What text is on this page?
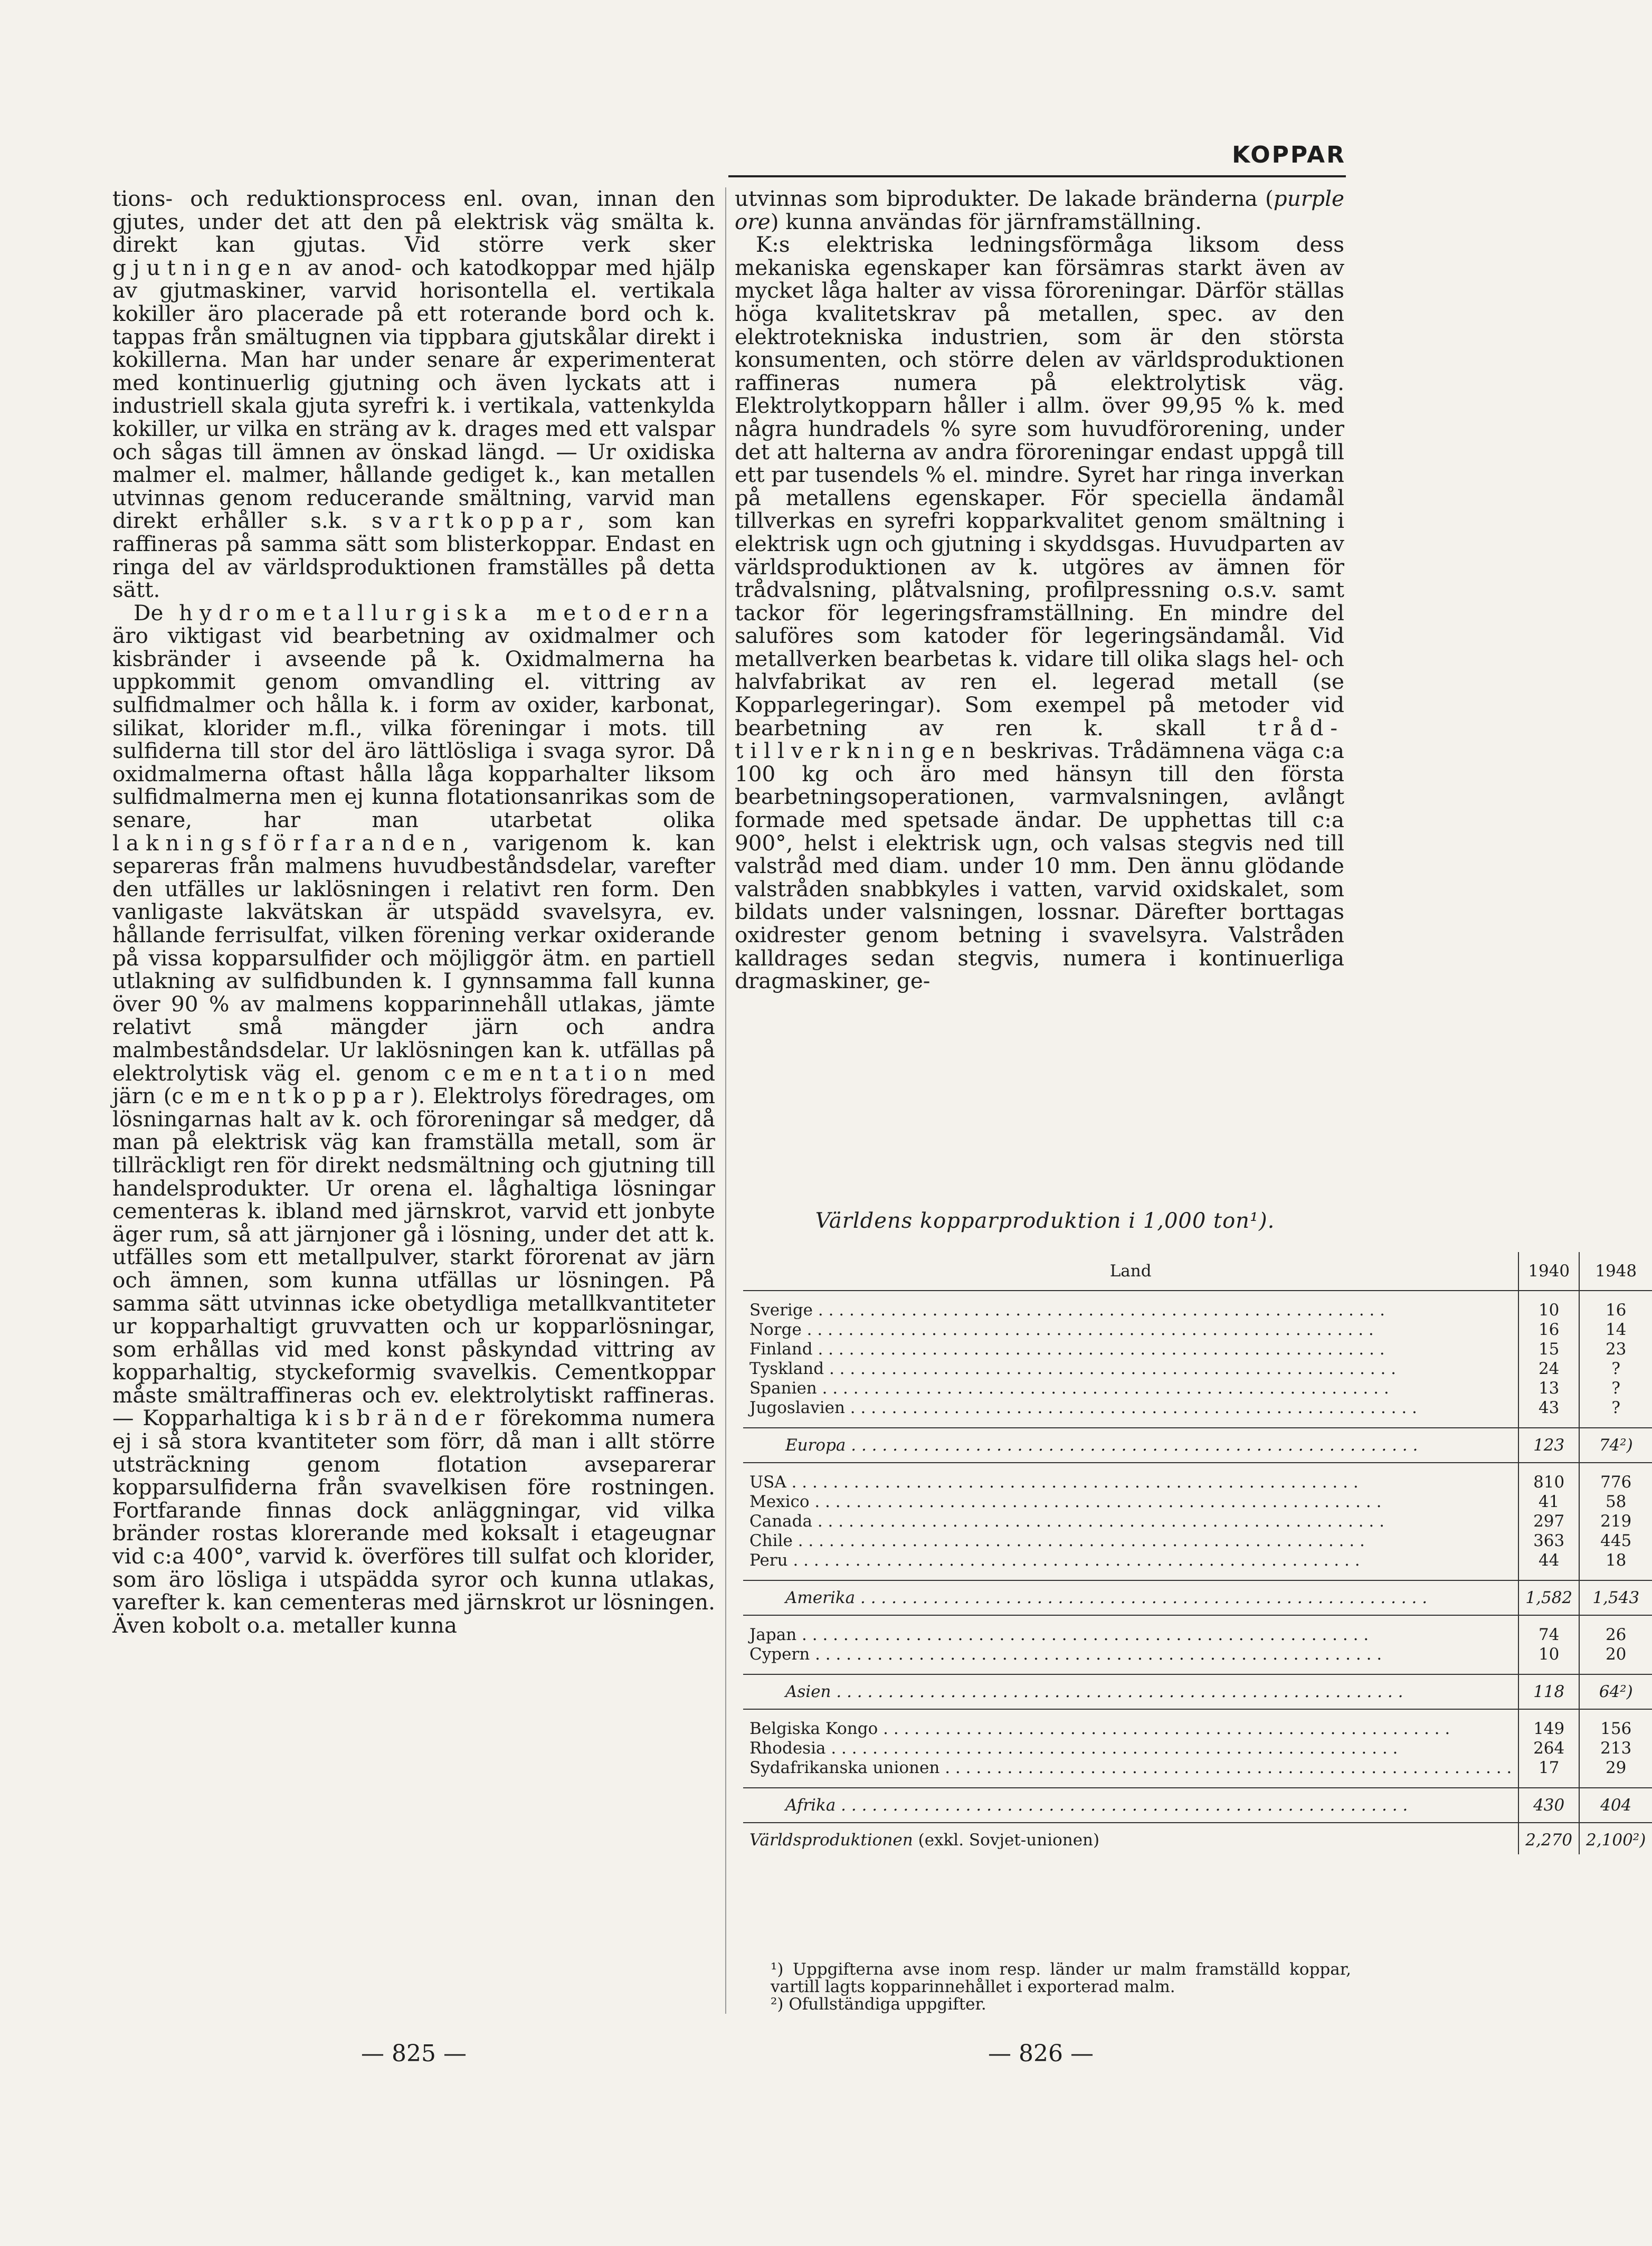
KOPPAR

tions- och reduktionsprocess enl. ovan, innan den gjutes, under det att den på elektrisk väg smälta k. direkt kan gjutas. Vid större verk sker gjutningen av anod- och katodkoppar med hjälp av gjutmaskiner, varvid horisontella el. vertikala kokiller äro placerade på ett roterande bord och k. tappas från smältugnen via tippbara gjutskålar direkt i kokillerna. Man har under senare år experimenterat med kontinuerlig gjutning och även lyckats att i industriell skala gjuta syrefri k. i vertikala, vattenkylda kokiller, ur vilka en sträng av k. drages med ett valspar och sågas till ämnen av önskad längd. — Ur oxidiska malmer el. malmer, hållande gediget k., kan metallen utvinnas genom reducerande smältning, varvid man direkt erhåller s.k. svartkoppar, som kan raffineras på samma sätt som blisterkoppar. Endast en ringa del av världsproduktionen framställes på detta sätt.

De hydrometallurgiska metoderna äro viktigast vid bearbetning av oxidmalmer och kisbränder i avseende på k. Oxidmalmerna ha uppkommit genom omvandling el. vittring av sulfidmalmer och hålla k. i form av oxider, karbonat, silikat, klorider m.fl., vilka föreningar i mots. till sulfiderna till stor del äro lättlösliga i svaga syror. Då oxidmalmerna oftast hålla låga kopparhalter liksom sulfidmalmerna men ej kunna flotationsanrikas som de senare, har man utarbetat olika lakningsförfaranden, varigenom k. kan separeras från malmens huvudbeståndsdelar, varefter den utfälles ur laklösningen i relativt ren form. Den vanligaste lakvätskan är utspädd svavelsyra, ev. hållande ferrisulfat, vilken förening verkar oxiderande på vissa kopparsulfider och möjliggör ätm. en partiell utlakning av sulfidbunden k. I gynnsamma fall kunna över 90 % av malmens kopparinnehåll utlakas, jämte relativt små mängder järn och andra malmbeståndsdelar. Ur laklösningen kan k. utfällas på elektrolytisk väg el. genom cementation med järn (cementkoppar). Elektrolys föredrages, om lösningarnas halt av k. och föroreningar så medger, då man på elektrisk väg kan framställa metall, som är tillräckligt ren för direkt nedsmältning och gjutning till handelsprodukter. Ur orena el. låghaltiga lösningar cementeras k. ibland med järnskrot, varvid ett jonbyte äger rum, så att järnjoner gå i lösning, under det att k. utfälles som ett metallpulver, starkt förorenat av järn och ämnen, som kunna utfällas ur lösningen. På samma sätt utvinnas icke obetydliga metallkvantiteter ur kopparhaltigt gruvvatten och ur kopparlösningar, som erhållas vid med konst påskyndad vittring av kopparhaltig, styckeformig svavelkis. Cementkoppar måste smältraffineras och ev. elektrolytiskt raffineras. — Kopparhaltiga kisbränder förekomma numera ej i så stora kvantiteter som förr, då man i allt större utsträckning genom flotation avseparerar kopparsulfiderna från svavelkisen före rostningen. Fortfarande finnas dock anläggningar, vid vilka bränder rostas klorerande med koksalt i etageugnar vid c:a 400°, varvid k. överföres till sulfat och klorider, som äro lösliga i utspädda syror och kunna utlakas, varefter k. kan cementeras med järnskrot ur lösningen. Även kobolt o.a. metaller kunna

utvinnas som biprodukter. De lakade bränderna (purple ore) kunna användas för järnframställning.

K:s elektriska ledningsförmåga liksom dess mekaniska egenskaper kan försämras starkt även av mycket låga halter av vissa föroreningar. Därför ställas höga kvalitetskrav på metallen, spec. av den elektrotekniska industrien, som är den största konsumenten, och större delen av världsproduktionen raffineras numera på elektrolytisk väg. Elektrolytkopparn håller i allm. över 99,95 % k. med några hundradels % syre som huvudförorening, under det att halterna av andra föroreningar endast uppgå till ett par tusendels % el. mindre. Syret har ringa inverkan på metallens egenskaper. För speciella ändamål tillverkas en syrefri kopparkvalitet genom smältning i elektrisk ugn och gjutning i skyddsgas. Huvudparten av världsproduktionen av k. utgöres av ämnen för trådvalsning, plåtvalsning, profilpressning o.s.v. samt tackor för legeringsframställning. En mindre del saluföres som katoder för legeringsändamål. Vid metallverken bearbetas k. vidare till olika slags hel- och halvfabrikat av ren el. legerad metall (se Kopparlegeringar). Som exempel på metoder vid bearbetning av ren k. skall tråd-tillverkningen beskrivas. Trådämnena väga c:a 100 kg och äro med hänsyn till den första bearbetningsoperationen, varmvalsningen, avlångt formade med spetsade ändar. De upphettas till c:a 900°, helst i elektrisk ugn, och valsas stegvis ned till valstråd med diam. under 10 mm. Den ännu glödande valstråden snabbkyles i vatten, varvid oxidskalet, som bildats under valsningen, lossnar. Därefter borttagas oxidrester genom betning i svavelsyra. Valstråden kalldrages sedan stegvis, numera i kontinuerliga dragmaskiner, ge-

Världens kopparproduktion i 1,000 ton¹).
Land	1940	1948
Sverige . . .	10	16
Norge . . .	16	14
Finland . . .	15	23
Tyskland . . .	24	?
Spanien . . .	13	?
Jugoslavien . . .	43	?
Europa . . .	123	74²)
USA . . .	810	776
Mexico . . .	41	58
Canada . . .	297	219
Chile . . .	363	445
Peru . . .	44	18
Amerika . . .	1,582	1,543
Japan . . .	74	26
Cypern . . .	10	20
Asien . . .	118	64²)
Belgiska Kongo . . .	149	156
Rhodesia . . .	264	213
Sydafrikanska unionen . . .	17	29
Afrika . . .	430	404
Världsproduktionen (exkl. Sovjet-unionen)	2,270	2,100²)

¹) Uppgifterna avse inom resp. länder ur malm framställd koppar, vartill lagts kopparinnehållet i exporterad malm.

²) Ofullständiga uppgifter.

— 825 —	— 826 —
